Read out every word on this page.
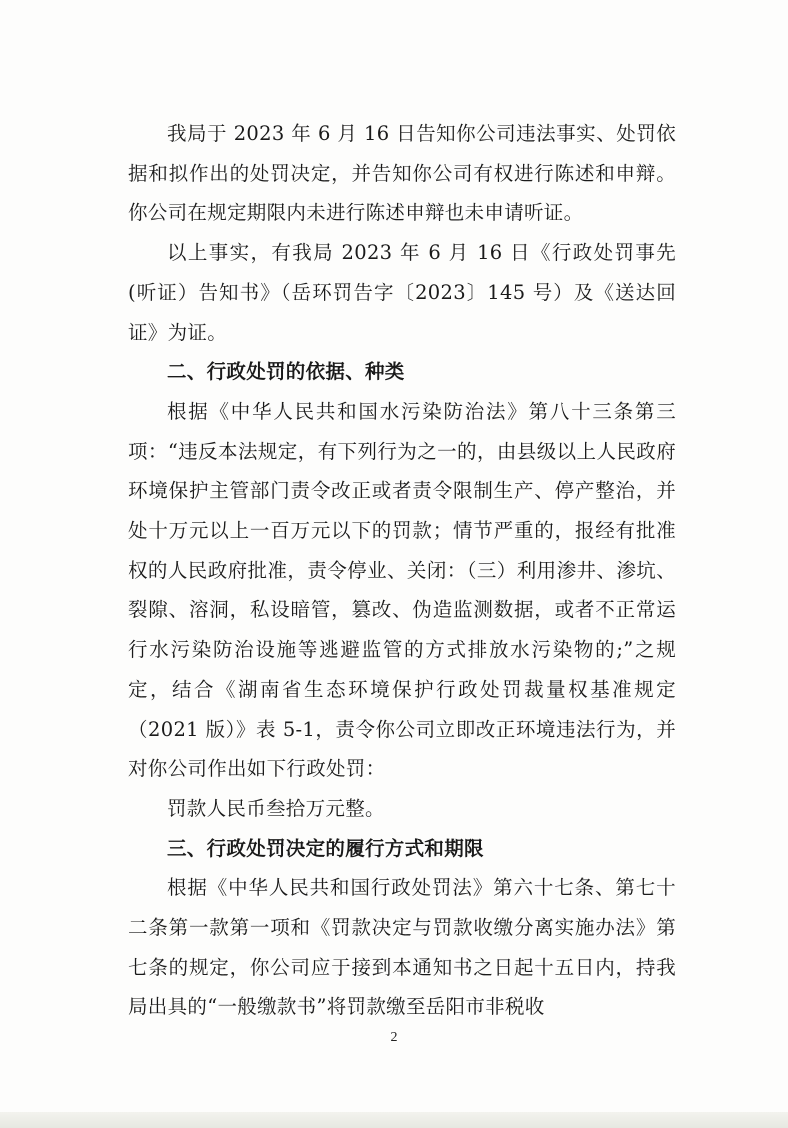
我局于 2023 年 6 月 16 日告知你公司违法事实、处罚依据和拟作出的处罚决定，并告知你公司有权进行陈述和申辩。你公司在规定期限内未进行陈述申辩也未申请听证。

以上事实，有我局 2023 年 6 月 16 日《行政处罚事先(听证）告知书》（岳环罚告字〔2023〕145 号）及《送达回证》为证。

二、行政处罚的依据、种类

根据《中华人民共和国水污染防治法》第八十三条第三项：“违反本法规定，有下列行为之一的，由县级以上人民政府环境保护主管部门责令改正或者责令限制生产、停产整治，并处十万元以上一百万元以下的罚款；情节严重的，报经有批准权的人民政府批准，责令停业、关闭：（三）利用渗井、渗坑、裂隙、溶洞，私设暗管，篡改、伪造监测数据，或者不正常运行水污染防治设施等逃避监管的方式排放水污染物的;”之规定，结合《湖南省生态环境保护行政处罚裁量权基准规定（2021 版）》表 5-1，责令你公司立即改正环境违法行为，并对你公司作出如下行政处罚：

罚款人民币叁拾万元整。

三、行政处罚决定的履行方式和期限

根据《中华人民共和国行政处罚法》第六十七条、第七十二条第一款第一项和《罚款决定与罚款收缴分离实施办法》第七条的规定，你公司应于接到本通知书之日起十五日内，持我局出具的“一般缴款书”将罚款缴至岳阳市非税收

2
